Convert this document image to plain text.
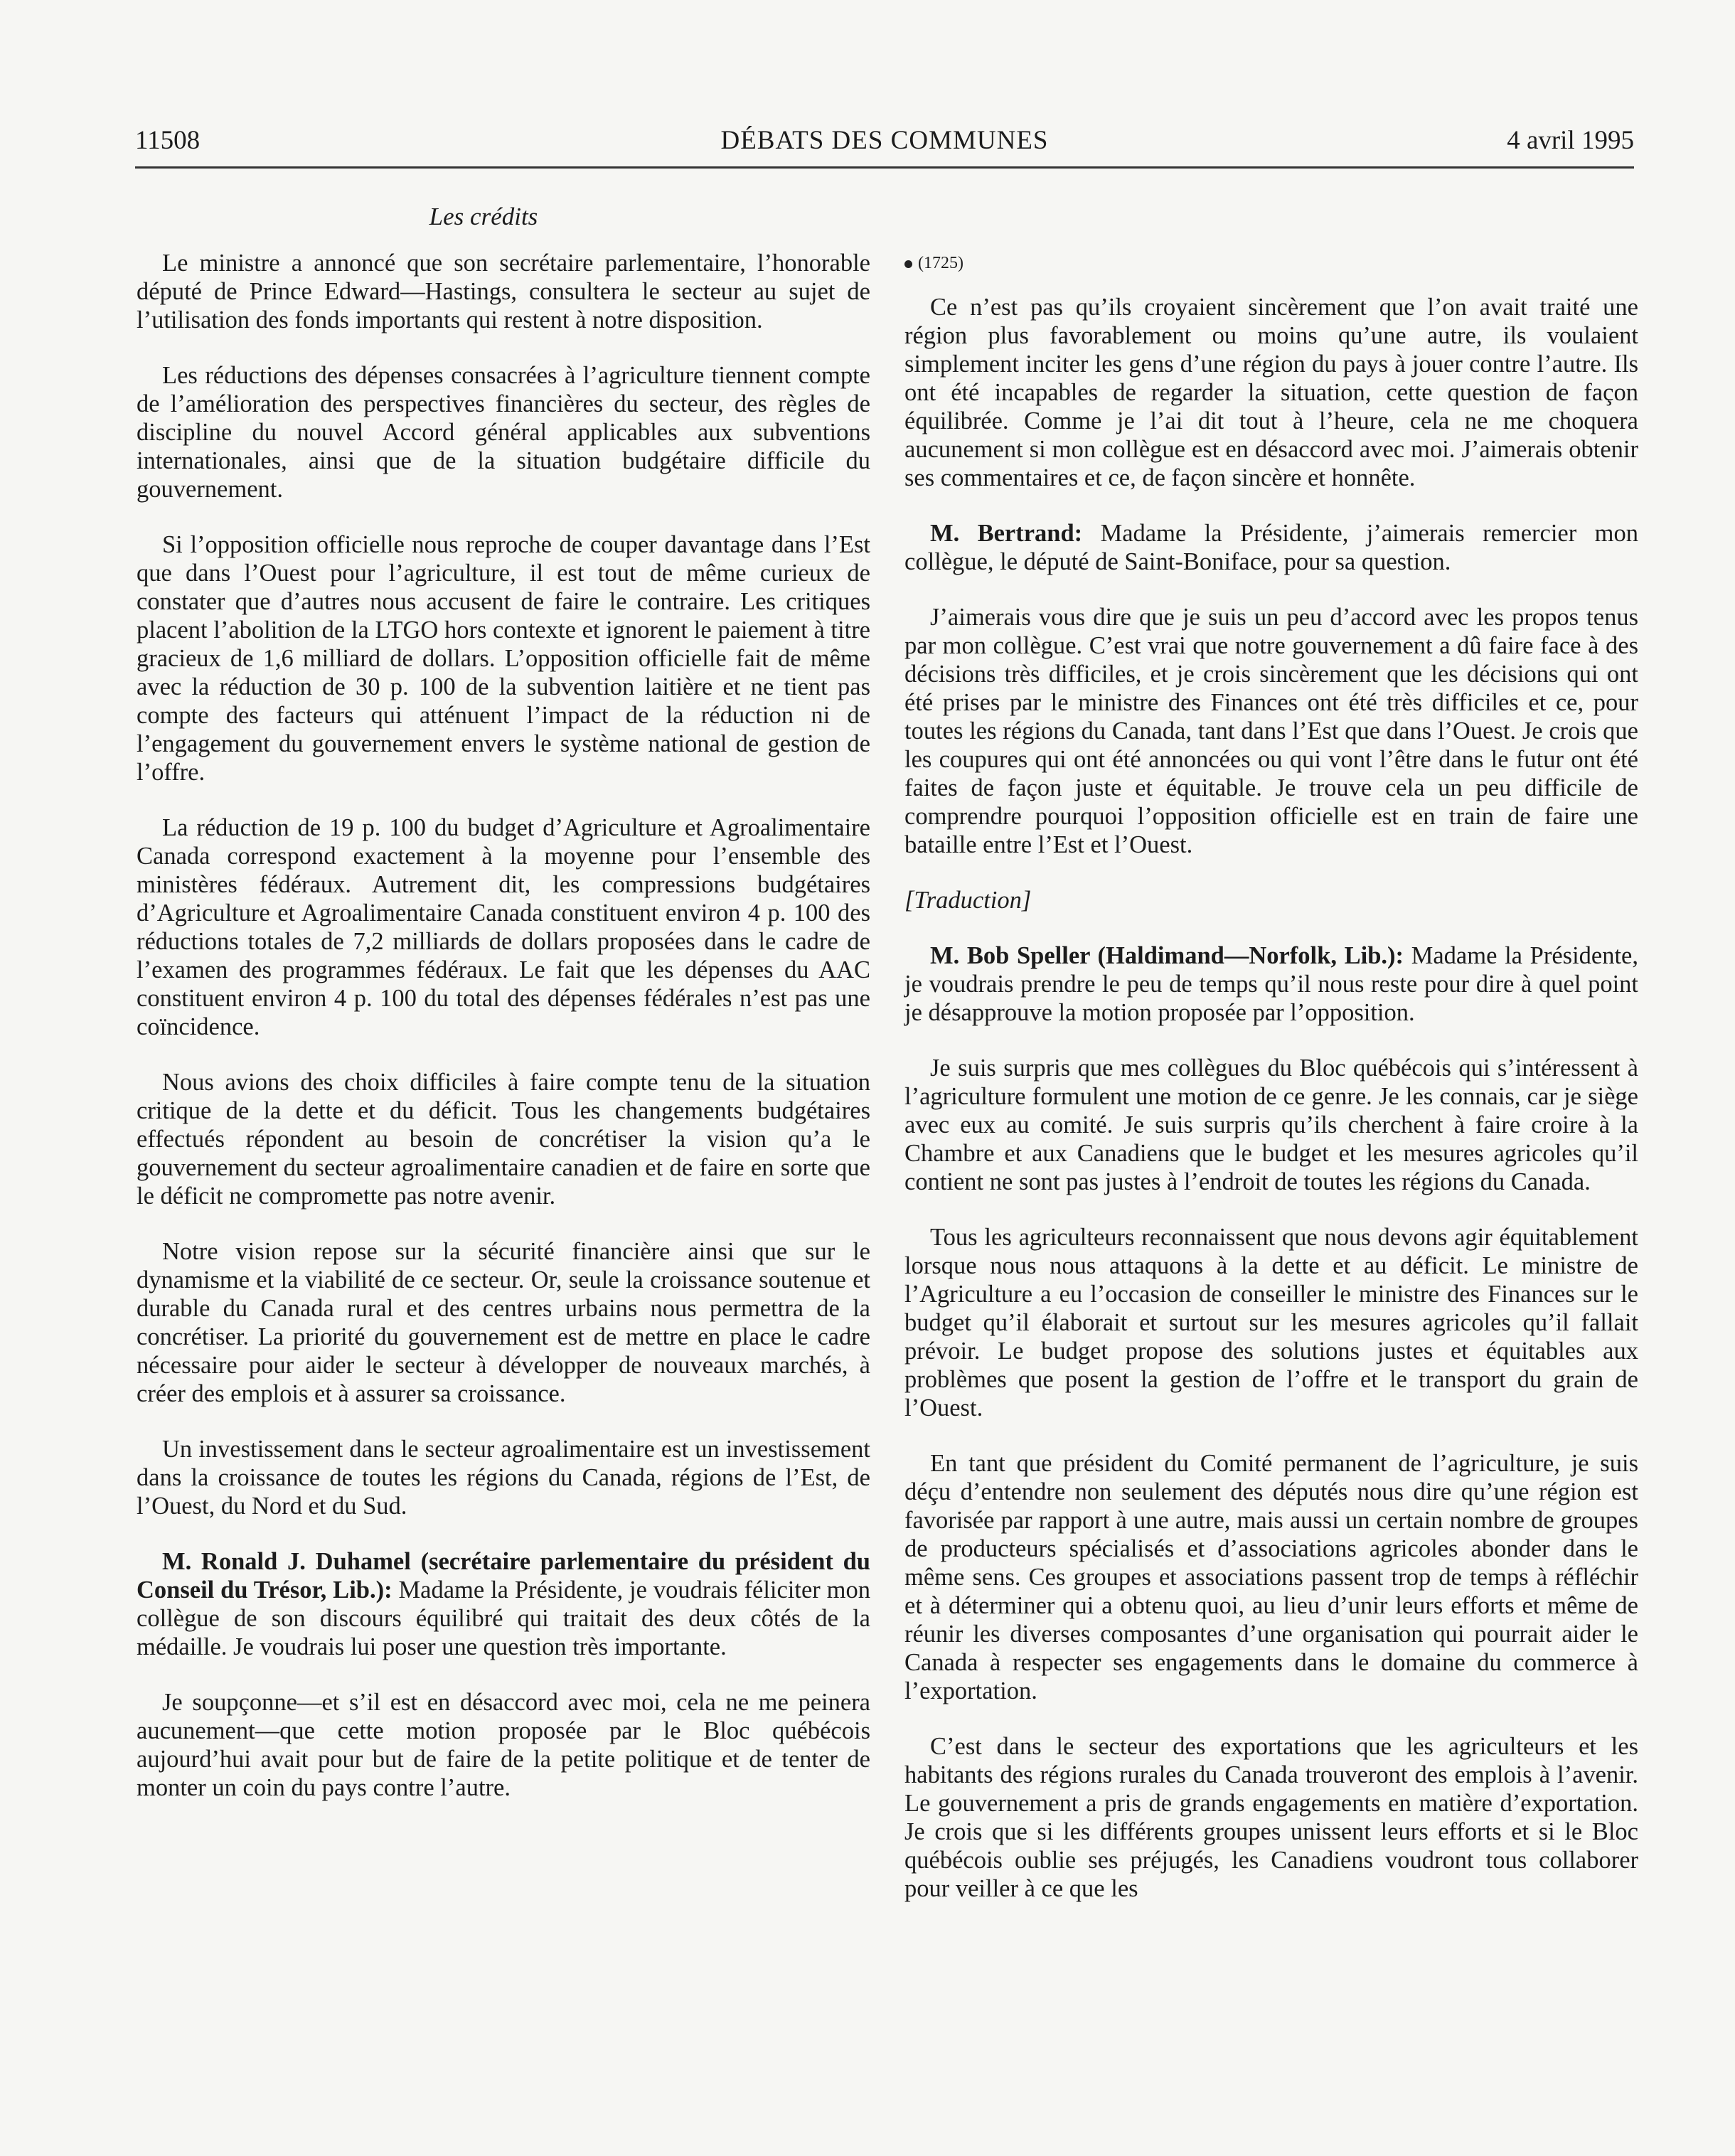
11508	DÉBATS DES COMMUNES	4 avril 1995
Les crédits

Le ministre a annoncé que son secrétaire parlementaire, l’honorable député de Prince Edward—Hastings, consultera le secteur au sujet de l’utilisation des fonds importants qui restent à notre disposition.

Les réductions des dépenses consacrées à l’agriculture tiennent compte de l’amélioration des perspectives financières du secteur, des règles de discipline du nouvel Accord général applicables aux subventions internationales, ainsi que de la situation budgétaire difficile du gouvernement.

Si l’opposition officielle nous reproche de couper davantage dans l’Est que dans l’Ouest pour l’agriculture, il est tout de même curieux de constater que d’autres nous accusent de faire le contraire. Les critiques placent l’abolition de la LTGO hors contexte et ignorent le paiement à titre gracieux de 1,6 milliard de dollars. L’opposition officielle fait de même avec la réduction de 30 p. 100 de la subvention laitière et ne tient pas compte des facteurs qui atténuent l’impact de la réduction ni de l’engagement du gouvernement envers le système national de gestion de l’offre.

La réduction de 19 p. 100 du budget d’Agriculture et Agroalimentaire Canada correspond exactement à la moyenne pour l’ensemble des ministères fédéraux. Autrement dit, les compressions budgétaires d’Agriculture et Agroalimentaire Canada constituent environ 4 p. 100 des réductions totales de 7,2 milliards de dollars proposées dans le cadre de l’examen des programmes fédéraux. Le fait que les dépenses du AAC constituent environ 4 p. 100 du total des dépenses fédérales n’est pas une coïncidence.

Nous avions des choix difficiles à faire compte tenu de la situation critique de la dette et du déficit. Tous les changements budgétaires effectués répondent au besoin de concrétiser la vision qu’a le gouvernement du secteur agroalimentaire canadien et de faire en sorte que le déficit ne compromette pas notre avenir.

Notre vision repose sur la sécurité financière ainsi que sur le dynamisme et la viabilité de ce secteur. Or, seule la croissance soutenue et durable du Canada rural et des centres urbains nous permettra de la concrétiser. La priorité du gouvernement est de mettre en place le cadre nécessaire pour aider le secteur à développer de nouveaux marchés, à créer des emplois et à assurer sa croissance.

Un investissement dans le secteur agroalimentaire est un investissement dans la croissance de toutes les régions du Canada, régions de l’Est, de l’Ouest, du Nord et du Sud.

M. Ronald J. Duhamel (secrétaire parlementaire du président du Conseil du Trésor, Lib.): Madame la Présidente, je voudrais féliciter mon collègue de son discours équilibré qui traitait des deux côtés de la médaille. Je voudrais lui poser une question très importante.

Je soupçonne—et s’il est en désaccord avec moi, cela ne me peinera aucunement—que cette motion proposée par le Bloc québécois aujourd’hui avait pour but de faire de la petite politique et de tenter de monter un coin du pays contre l’autre.

(1725)

Ce n’est pas qu’ils croyaient sincèrement que l’on avait traité une région plus favorablement ou moins qu’une autre, ils voulaient simplement inciter les gens d’une région du pays à jouer contre l’autre. Ils ont été incapables de regarder la situation, cette question de façon équilibrée. Comme je l’ai dit tout à l’heure, cela ne me choquera aucunement si mon collègue est en désaccord avec moi. J’aimerais obtenir ses commentaires et ce, de façon sincère et honnête.

M. Bertrand: Madame la Présidente, j’aimerais remercier mon collègue, le député de Saint-Boniface, pour sa question.

J’aimerais vous dire que je suis un peu d’accord avec les propos tenus par mon collègue. C’est vrai que notre gouvernement a dû faire face à des décisions très difficiles, et je crois sincèrement que les décisions qui ont été prises par le ministre des Finances ont été très difficiles et ce, pour toutes les régions du Canada, tant dans l’Est que dans l’Ouest. Je crois que les coupures qui ont été annoncées ou qui vont l’être dans le futur ont été faites de façon juste et équitable. Je trouve cela un peu difficile de comprendre pourquoi l’opposition officielle est en train de faire une bataille entre l’Est et l’Ouest.

[Traduction]

M. Bob Speller (Haldimand—Norfolk, Lib.): Madame la Présidente, je voudrais prendre le peu de temps qu’il nous reste pour dire à quel point je désapprouve la motion proposée par l’opposition.

Je suis surpris que mes collègues du Bloc québécois qui s’intéressent à l’agriculture formulent une motion de ce genre. Je les connais, car je siège avec eux au comité. Je suis surpris qu’ils cherchent à faire croire à la Chambre et aux Canadiens que le budget et les mesures agricoles qu’il contient ne sont pas justes à l’endroit de toutes les régions du Canada.

Tous les agriculteurs reconnaissent que nous devons agir équitablement lorsque nous nous attaquons à la dette et au déficit. Le ministre de l’Agriculture a eu l’occasion de conseiller le ministre des Finances sur le budget qu’il élaborait et surtout sur les mesures agricoles qu’il fallait prévoir. Le budget propose des solutions justes et équitables aux problèmes que posent la gestion de l’offre et le transport du grain de l’Ouest.

En tant que président du Comité permanent de l’agriculture, je suis déçu d’entendre non seulement des députés nous dire qu’une région est favorisée par rapport à une autre, mais aussi un certain nombre de groupes de producteurs spécialisés et d’associations agricoles abonder dans le même sens. Ces groupes et associations passent trop de temps à réfléchir et à déterminer qui a obtenu quoi, au lieu d’unir leurs efforts et même de réunir les diverses composantes d’une organisation qui pourrait aider le Canada à respecter ses engagements dans le domaine du commerce à l’exportation.

C’est dans le secteur des exportations que les agriculteurs et les habitants des régions rurales du Canada trouveront des emplois à l’avenir. Le gouvernement a pris de grands engagements en matière d’exportation. Je crois que si les différents groupes unissent leurs efforts et si le Bloc québécois oublie ses préjugés, les Canadiens voudront tous collaborer pour veiller à ce que les
